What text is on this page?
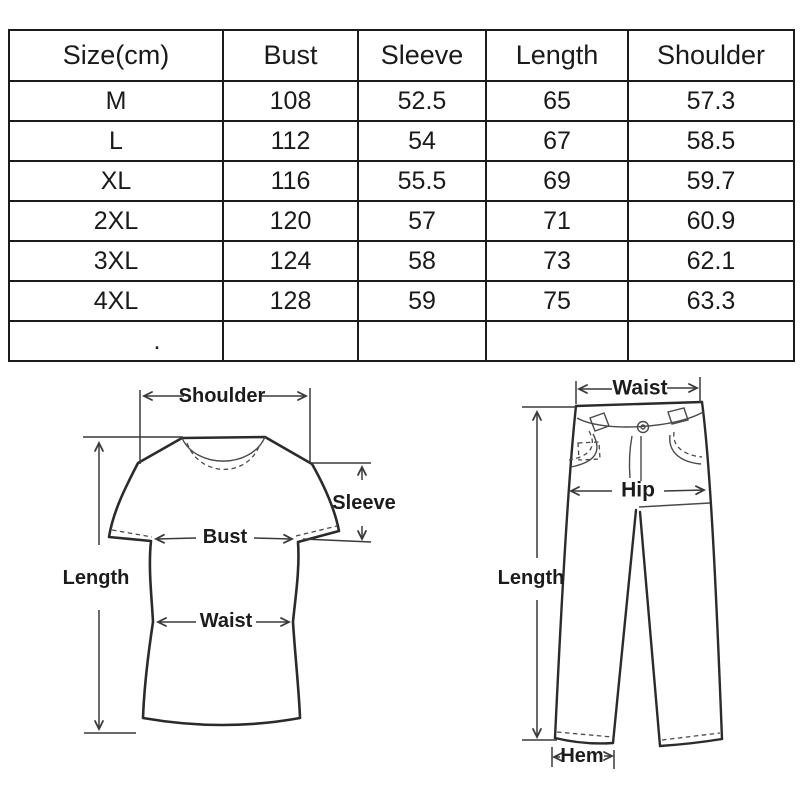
Size(cm)	Bust	Sleeve	Length	Shoulder
M	108	52.5	65	57.3
L	112	54	67	58.5
XL	116	55.5	69	59.7
2XL	120	57	71	60.9
3XL	124	58	73	62.1
4XL	128	59	75	63.3
.				
Shoulder
Length
Bust
Waist
Sleeve
Waist
Hip
Length
Hem
